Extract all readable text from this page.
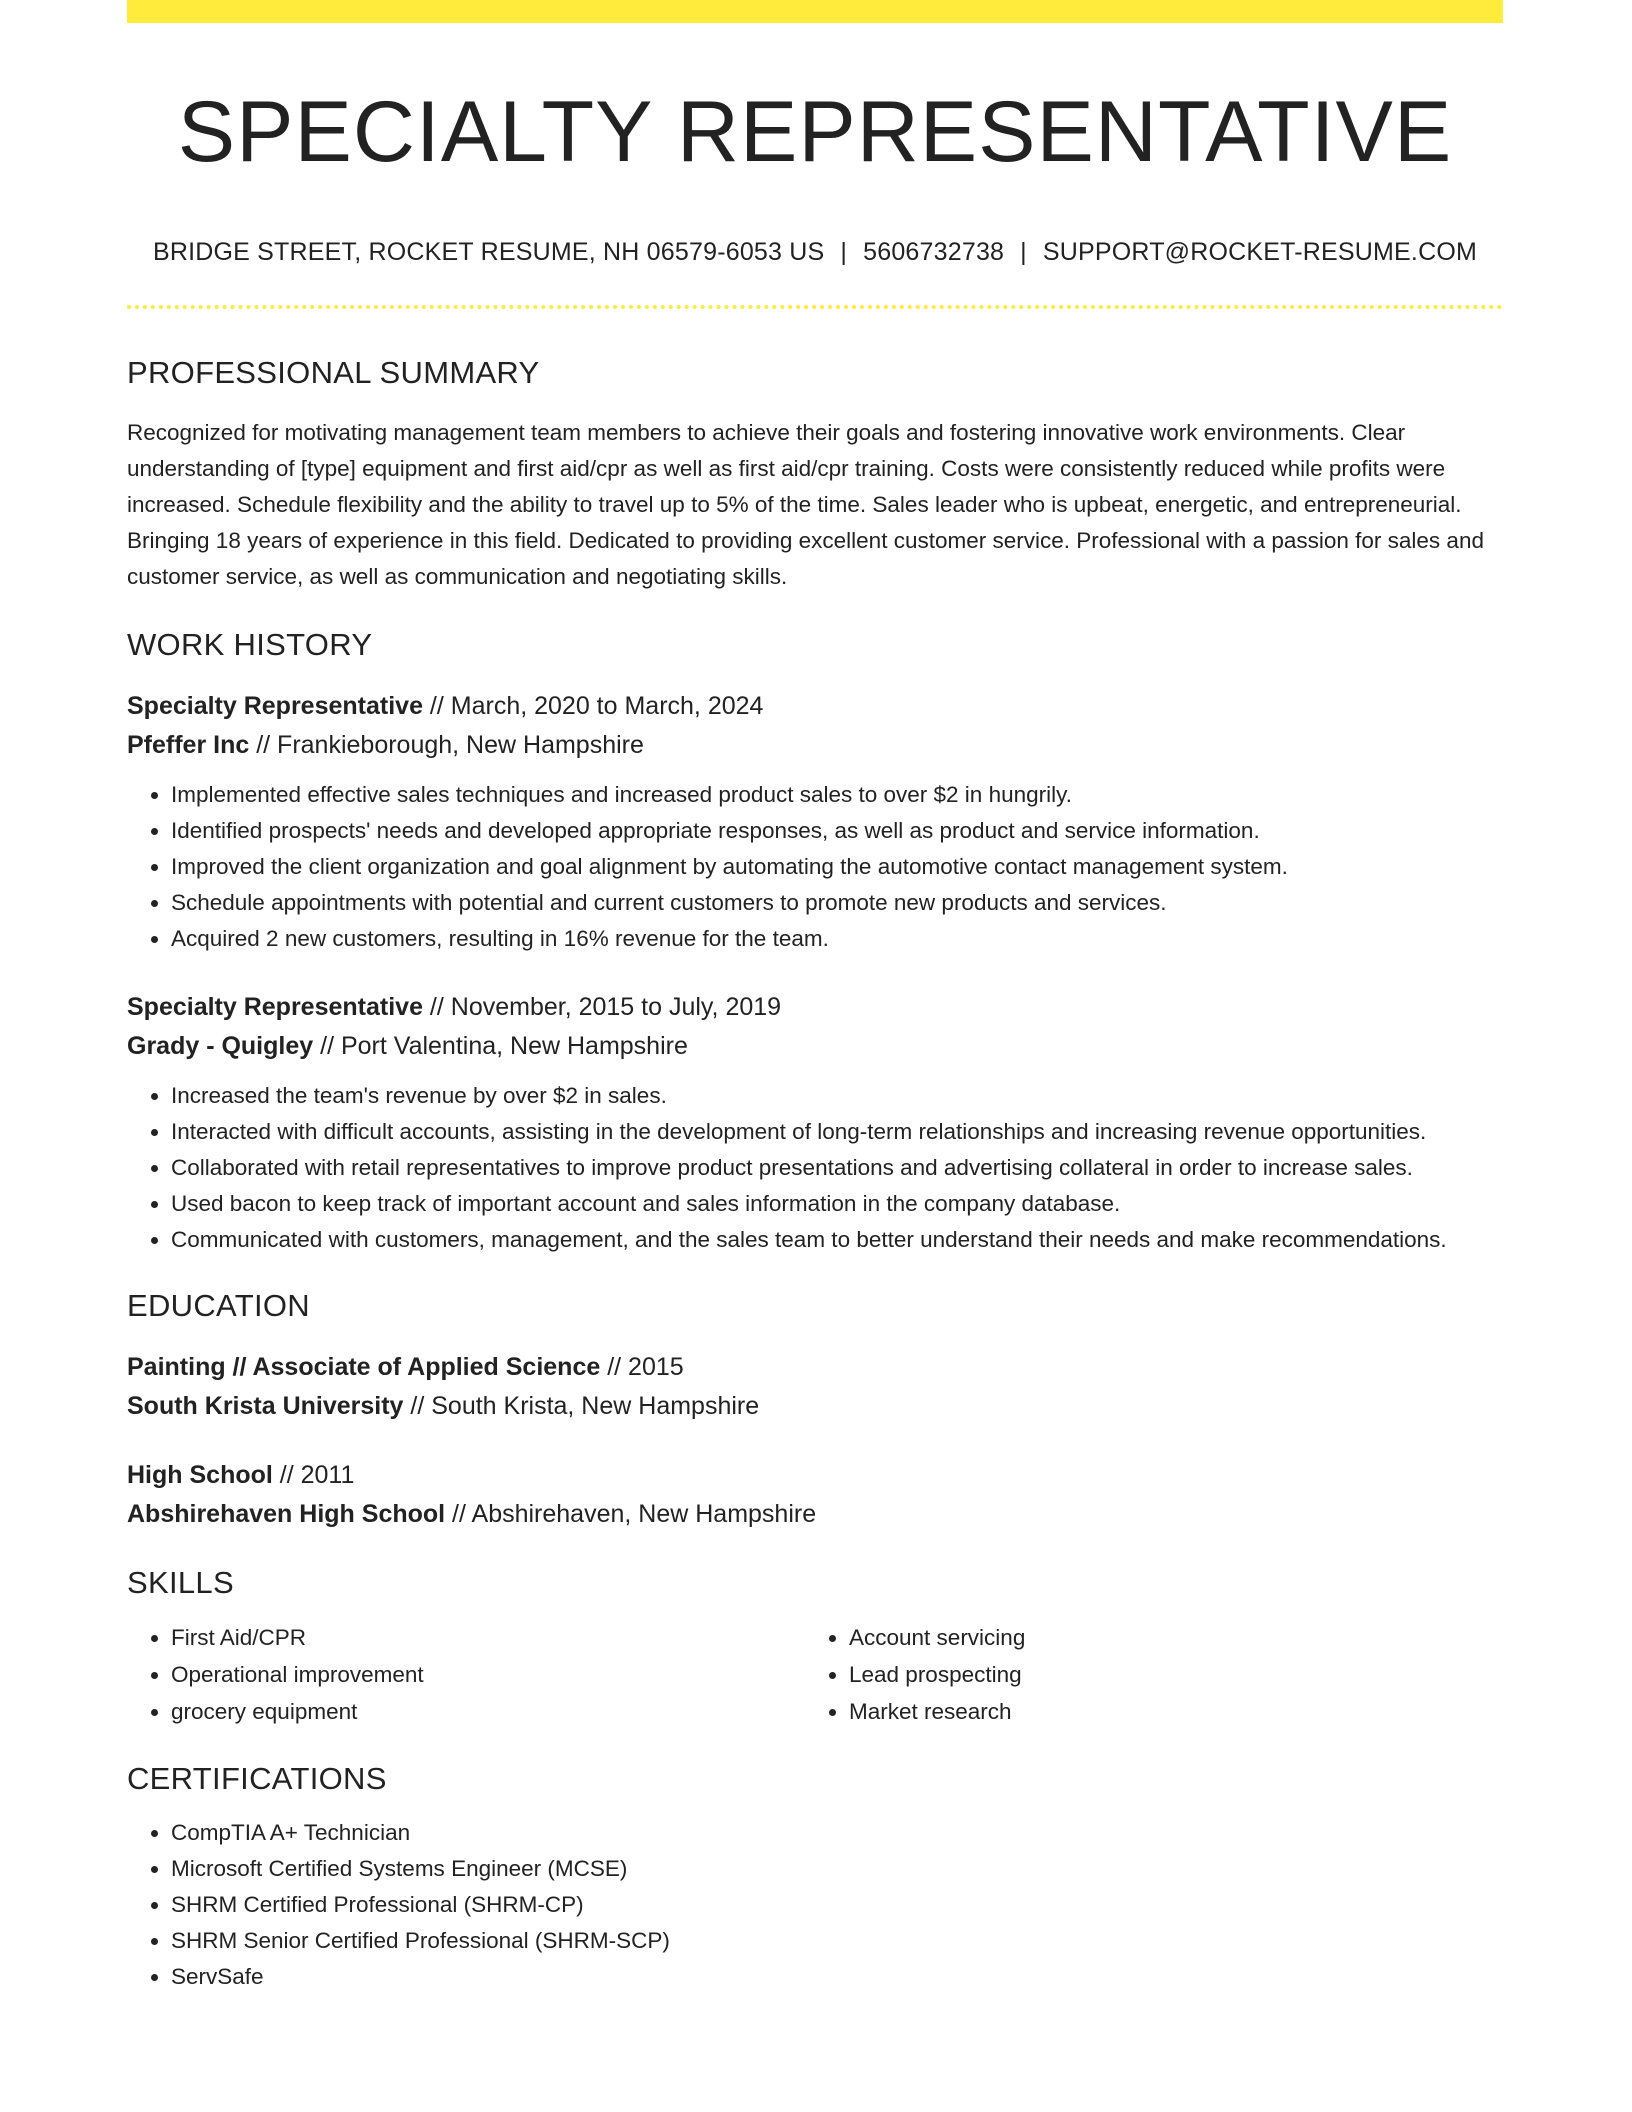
SPECIALTY REPRESENTATIVE
BRIDGE STREET, ROCKET RESUME, NH 06579-6053 US | 5606732738 | SUPPORT@ROCKET-RESUME.COM
PROFESSIONAL SUMMARY

Recognized for motivating management team members to achieve their goals and fostering innovative work environments. Clear understanding of [type] equipment and first aid/cpr as well as first aid/cpr training. Costs were consistently reduced while profits were increased. Schedule flexibility and the ability to travel up to 5% of the time. Sales leader who is upbeat, energetic, and entrepreneurial. Bringing 18 years of experience in this field. Dedicated to providing excellent customer service. Professional with a passion for sales and customer service, as well as communication and negotiating skills.

WORK HISTORY
Specialty Representative // March, 2020 to March, 2024
Pfeffer Inc // Frankieborough, New Hampshire
• Implemented effective sales techniques and increased product sales to over $2 in hungrily.
• Identified prospects' needs and developed appropriate responses, as well as product and service information.
• Improved the client organization and goal alignment by automating the automotive contact management system.
• Schedule appointments with potential and current customers to promote new products and services.
• Acquired 2 new customers, resulting in 16% revenue for the team.
Specialty Representative // November, 2015 to July, 2019
Grady - Quigley // Port Valentina, New Hampshire
• Increased the team's revenue by over $2 in sales.
• Interacted with difficult accounts, assisting in the development of long-term relationships and increasing revenue opportunities.
• Collaborated with retail representatives to improve product presentations and advertising collateral in order to increase sales.
• Used bacon to keep track of important account and sales information in the company database.
• Communicated with customers, management, and the sales team to better understand their needs and make recommendations.
EDUCATION
Painting // Associate of Applied Science // 2015
South Krista University // South Krista, New Hampshire
High School // 2011
Abshirehaven High School // Abshirehaven, New Hampshire
SKILLS
• First Aid/CPR
• Operational improvement
• grocery equipment
• Account servicing
• Lead prospecting
• Market research
CERTIFICATIONS
• CompTIA A+ Technician
• Microsoft Certified Systems Engineer (MCSE)
• SHRM Certified Professional (SHRM-CP)
• SHRM Senior Certified Professional (SHRM-SCP)
• ServSafe
